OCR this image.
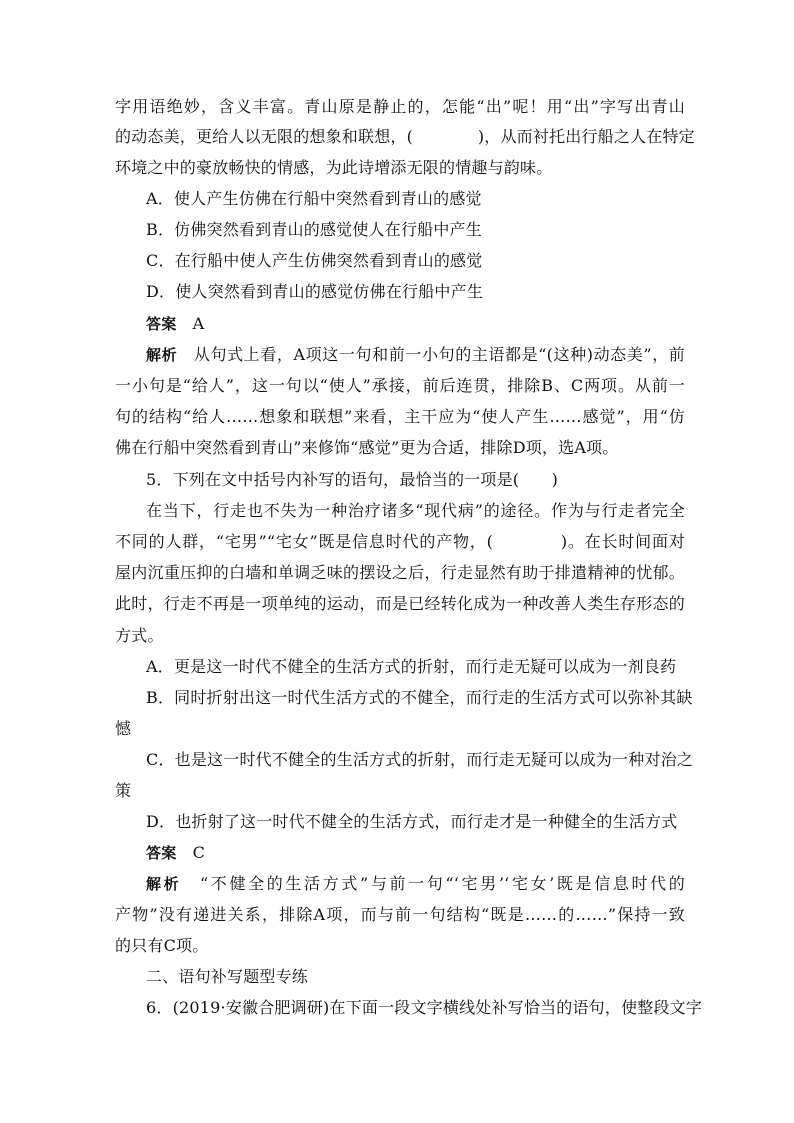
字用语绝妙，含义丰富。青山原是静止的，怎能“出”呢！用“出”字写出青山
的动态美，更给人以无限的想象和联想，(　　　　)，从而衬托出行船之人在特定
环境之中的豪放畅快的情感，为此诗增添无限的情趣与韵味。
A．使人产生仿佛在行船中突然看到青山的感觉
B．仿佛突然看到青山的感觉使人在行船中产生
C．在行船中使人产生仿佛突然看到青山的感觉
D．使人突然看到青山的感觉仿佛在行船中产生
答案　A
解析　从句式上看，A项这一句和前一小句的主语都是“(这种)动态美”，前
一小句是“给人”，这一句以“使人”承接，前后连贯，排除B、C两项。从前一
句的结构“给人……想象和联想”来看，主干应为“使人产生……感觉”，用“仿
佛在行船中突然看到青山”来修饰“感觉”更为合适，排除D项，选A项。
5．下列在文中括号内补写的语句，最恰当的一项是(　　)
在当下，行走也不失为一种治疗诸多“现代病”的途径。作为与行走者完全
不同的人群，“宅男”“宅女”既是信息时代的产物，(　　　　)。在长时间面对
屋内沉重压抑的白墙和单调乏味的摆设之后，行走显然有助于排遣精神的忧郁。
此时，行走不再是一项单纯的运动，而是已经转化成为一种改善人类生存形态的
方式。
A．更是这一时代不健全的生活方式的折射，而行走无疑可以成为一剂良药
B．同时折射出这一时代生活方式的不健全，而行走的生活方式可以弥补其缺
憾
C．也是这一时代不健全的生活方式的折射，而行走无疑可以成为一种对治之
策
D．也折射了这一时代不健全的生活方式，而行走才是一种健全的生活方式
答案　C
解析　“不健全的生活方式”与前一句“‘宅男’‘宅女’既是信息时代的
产物”没有递进关系，排除A项，而与前一句结构“既是……的……”保持一致
的只有C项。
二、语句补写题型专练
6．(2019·安徽合肥调研)在下面一段文字横线处补写恰当的语句，使整段文字
